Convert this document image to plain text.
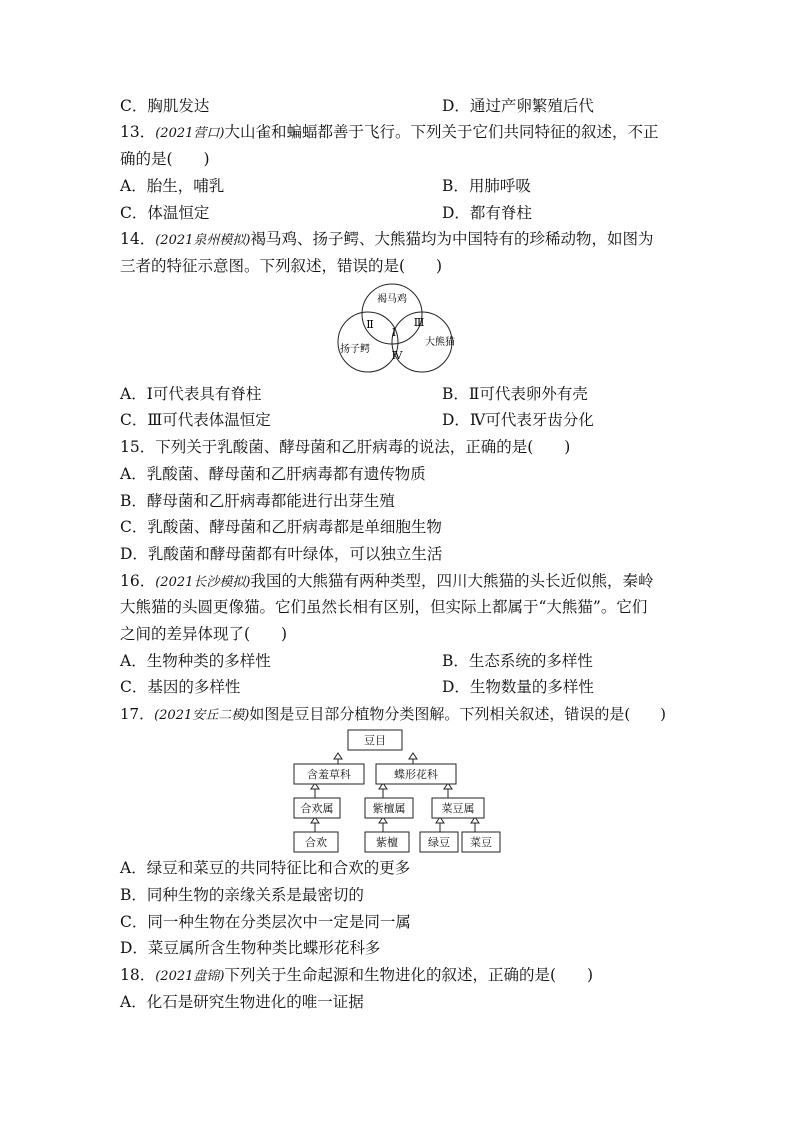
C．胸肌发达	D．通过产卵繁殖后代
13．(2021营口)大山雀和蝙蝠都善于飞行。下列关于它们共同特征的叙述，不正
确的是(　　)
A．胎生，哺乳	B．用肺呼吸
C．体温恒定	D．都有脊柱
14．(2021泉州模拟)褐马鸡、扬子鳄、大熊猫均为中国特有的珍稀动物，如图为
三者的特征示意图。下列叙述，错误的是(　　)
褐马鸡
扬子鳄
大熊猫
Ⅰ
Ⅱ	Ⅲ
Ⅳ
A．Ⅰ可代表具有脊柱	B．Ⅱ可代表卵外有壳
C．Ⅲ可代表体温恒定	D．Ⅳ可代表牙齿分化
15．下列关于乳酸菌、酵母菌和乙肝病毒的说法，正确的是(　　)
A．乳酸菌、酵母菌和乙肝病毒都有遗传物质
B．酵母菌和乙肝病毒都能进行出芽生殖
C．乳酸菌、酵母菌和乙肝病毒都是单细胞生物
D．乳酸菌和酵母菌都有叶绿体，可以独立生活
16．(2021长沙模拟)我国的大熊猫有两种类型，四川大熊猫的头长近似熊，秦岭
大熊猫的头圆更像猫。它们虽然长相有区别，但实际上都属于“大熊猫”。它们
之间的差异体现了(　　)
A．生物种类的多样性	B．生态系统的多样性
C．基因的多样性	D．生物数量的多样性
17．(2021安丘二模)如图是豆目部分植物分类图解。下列相关叙述，错误的是(　　)
豆目
含羞草科	蝶形花科
合欢属	紫檀属	菜豆属
合欢	紫檀	绿豆 菜豆
A．绿豆和菜豆的共同特征比和合欢的更多
B．同种生物的亲缘关系是最密切的
C．同一种生物在分类层次中一定是同一属
D．菜豆属所含生物种类比蝶形花科多
18．(2021盘锦)下列关于生命起源和生物进化的叙述，正确的是(　　)
A．化石是研究生物进化的唯一证据
